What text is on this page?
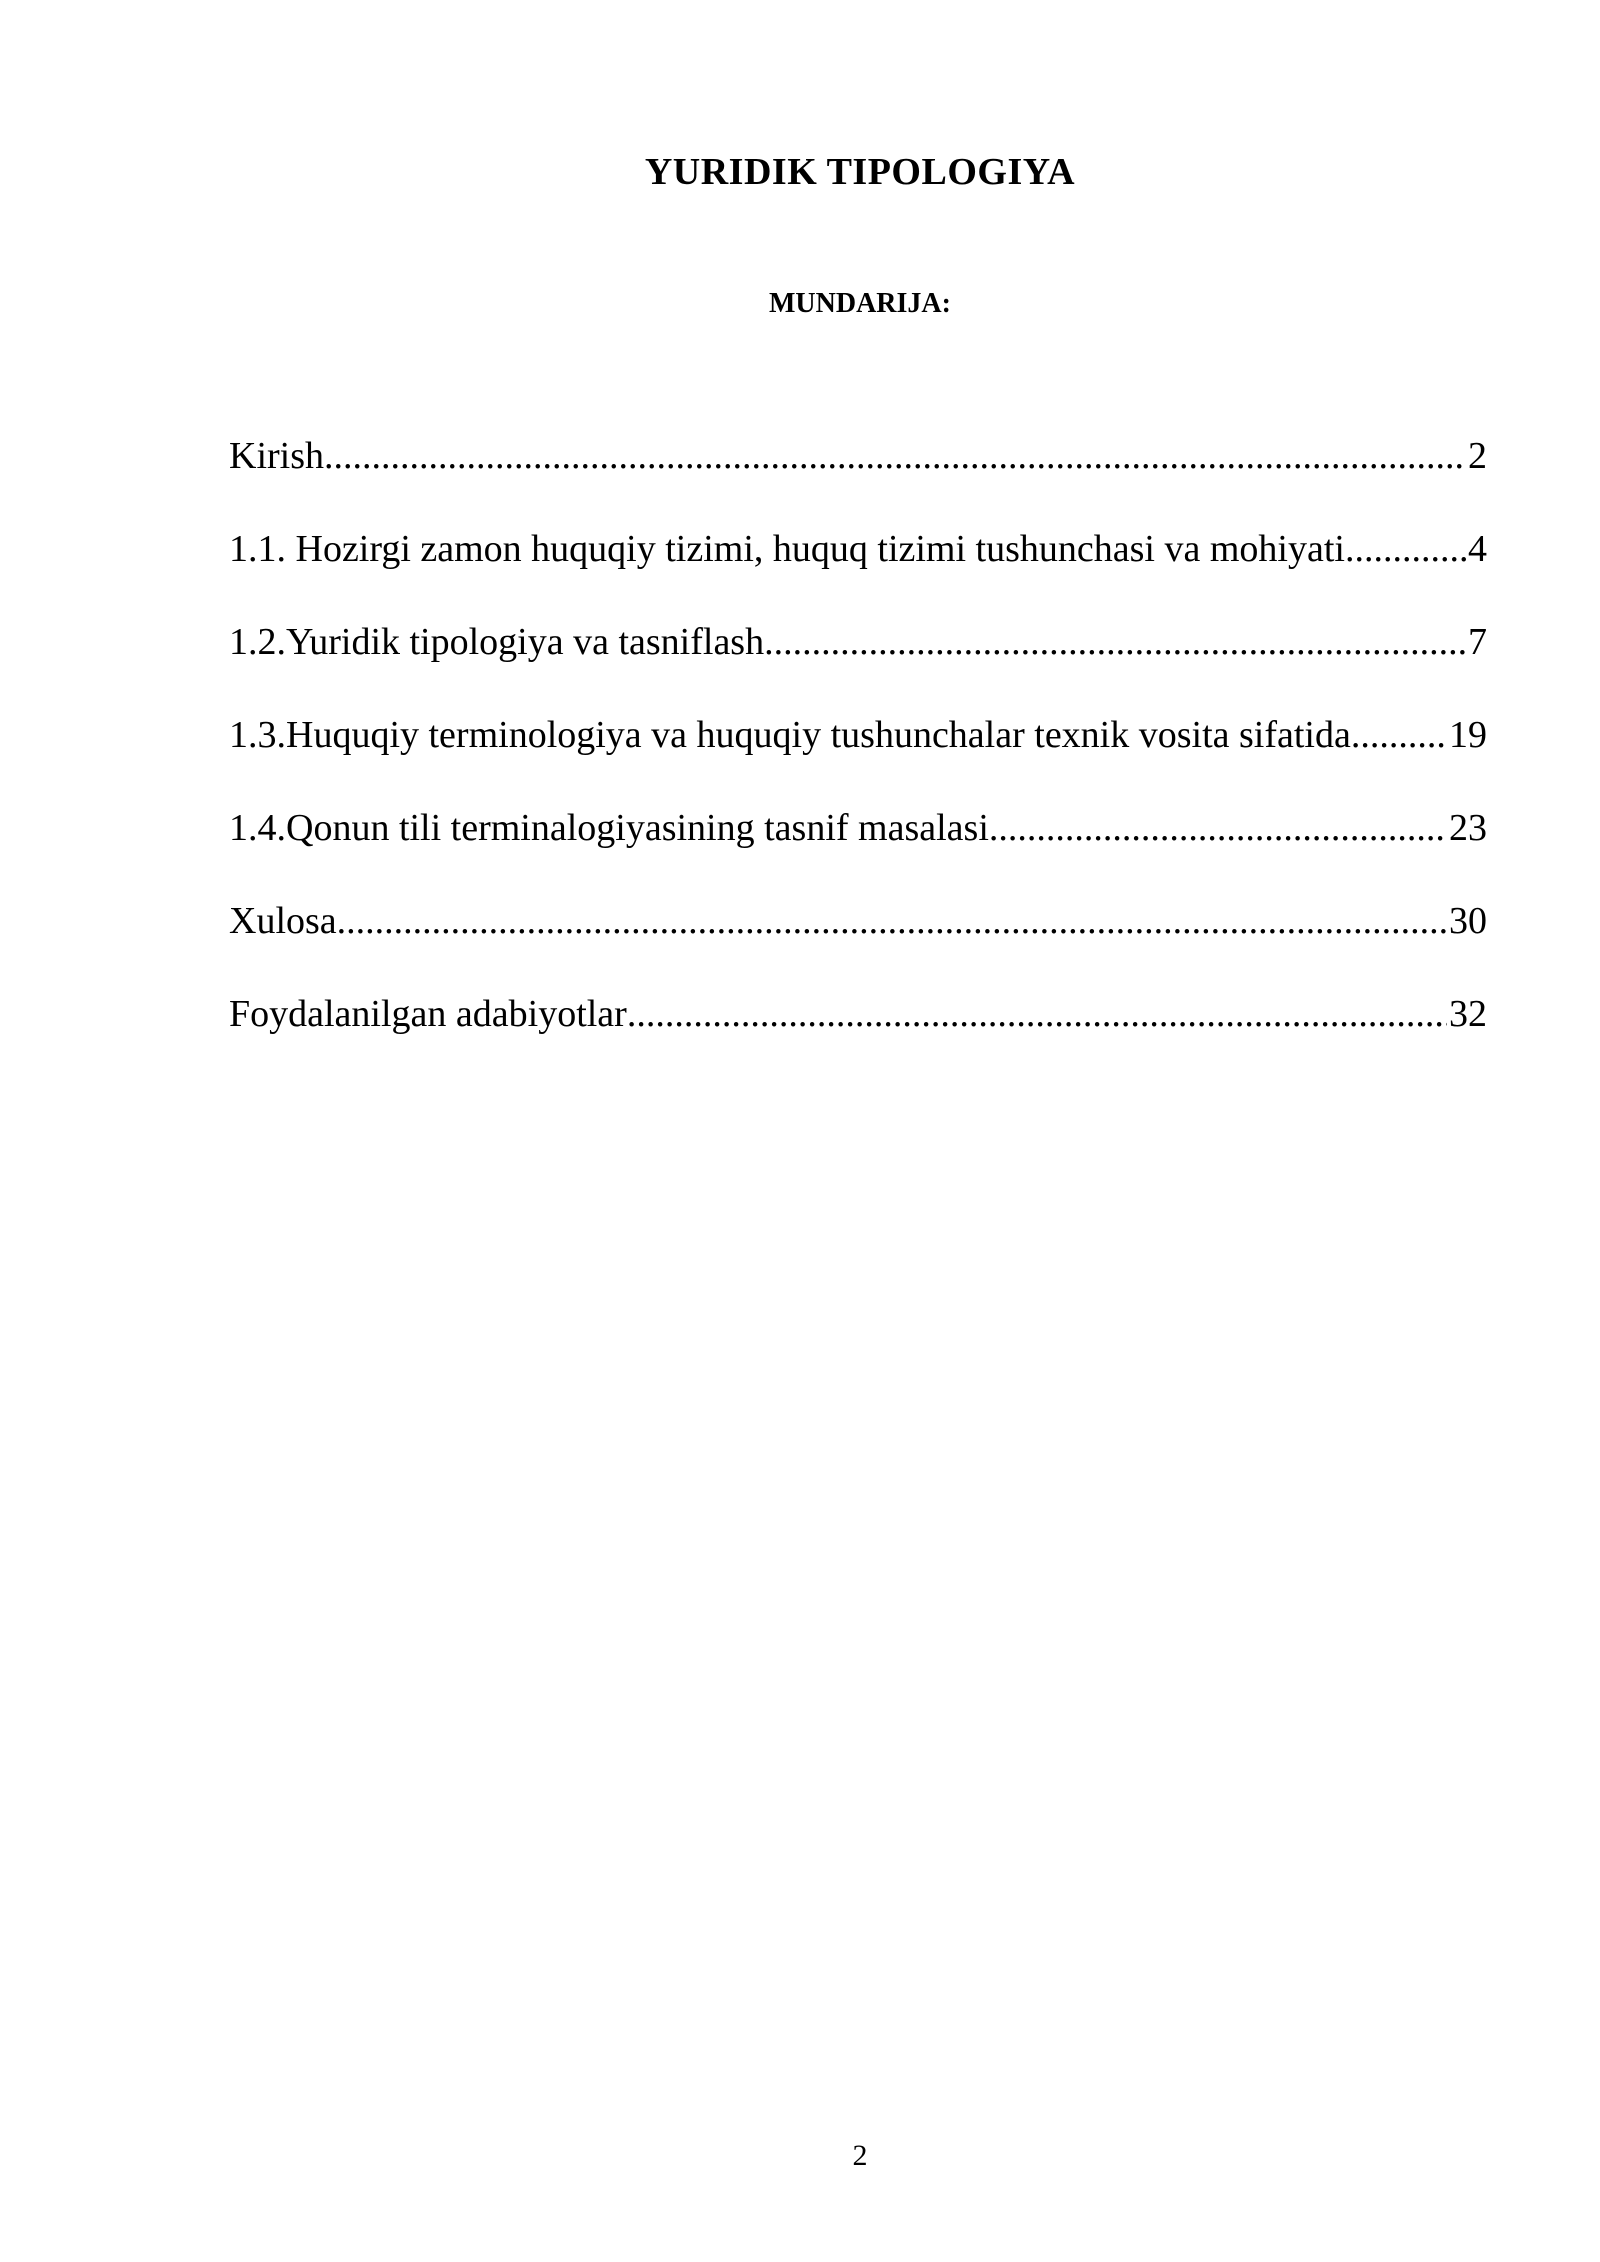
YURIDIK TIPOLOGIYA
MUNDARIJA:
Kirish .....	2
1.1. Hozirgi zamon huquqiy tizimi, huquq tizimi tushunchasi va mohiyati .....	4
1.2.Yuridik tipologiya va tasniflash .....	7
1.3.Huquqiy terminologiya va huquqiy tushunchalar texnik vosita sifatida. ..... 19
1.4.Qonun tili terminalogiyasining tasnif masalasi .....	23
Xulosa .....	30
Foydalanilgan adabiyotlar .....	32
2
